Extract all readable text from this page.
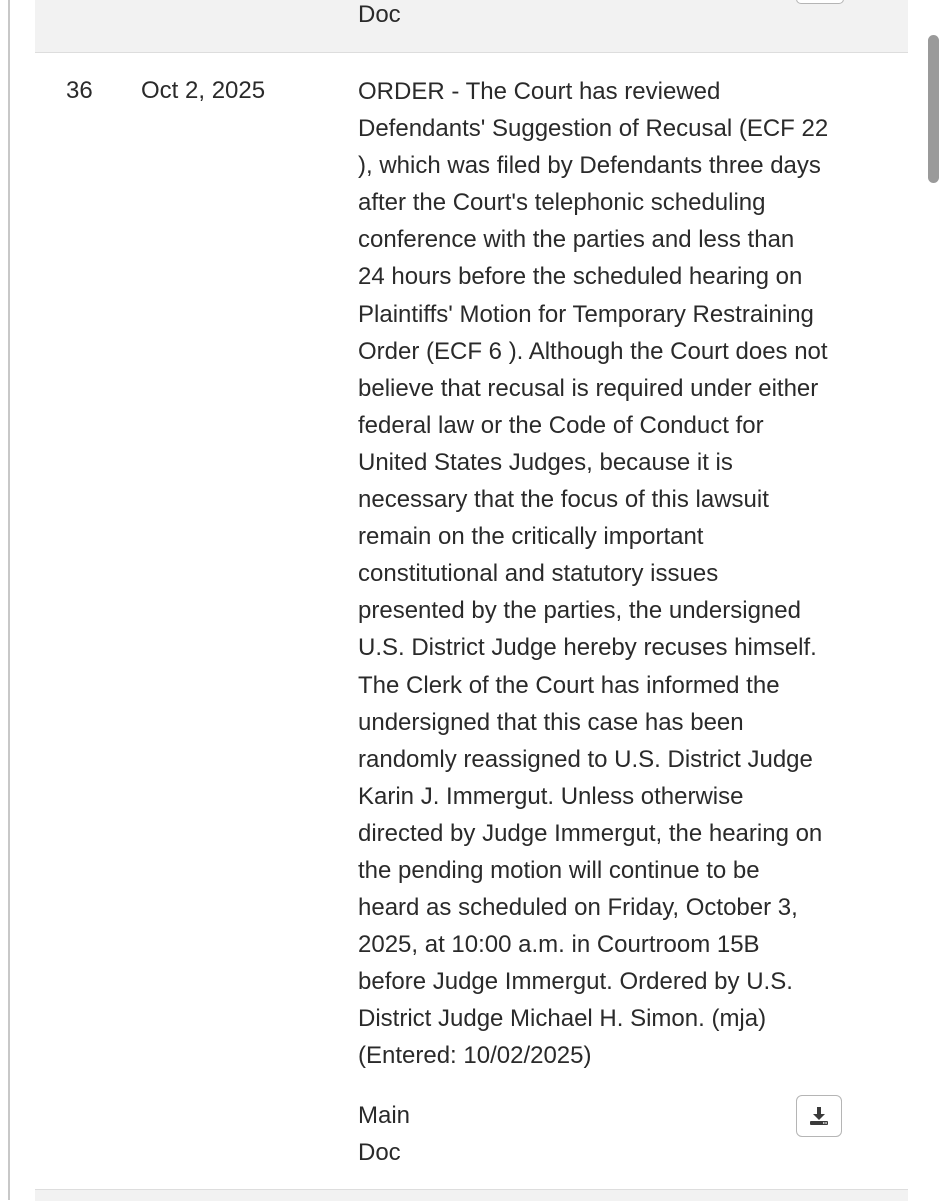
Doc
36 Oct 2, 2025	ORDER - The Court has reviewed
Defendants' Suggestion of Recusal (ECF 22
), which was filed by Defendants three days
after the Court's telephonic scheduling
conference with the parties and less than
24 hours before the scheduled hearing on
Plaintiffs' Motion for Temporary Restraining
Order (ECF 6 ). Although the Court does not
believe that recusal is required under either
federal law or the Code of Conduct for
United States Judges, because it is
necessary that the focus of this lawsuit
remain on the critically important
constitutional and statutory issues
presented by the parties, the undersigned
U.S. District Judge hereby recuses himself.
The Clerk of the Court has informed the
undersigned that this case has been
randomly reassigned to U.S. District Judge
Karin J. Immergut. Unless otherwise
directed by Judge Immergut, the hearing on
the pending motion will continue to be
heard as scheduled on Friday, October 3,
2025, at 10:00 a.m. in Courtroom 15B
before Judge Immergut. Ordered by U.S.
District Judge Michael H. Simon. (mja)
(Entered: 10/02/2025)
Main
Doc
